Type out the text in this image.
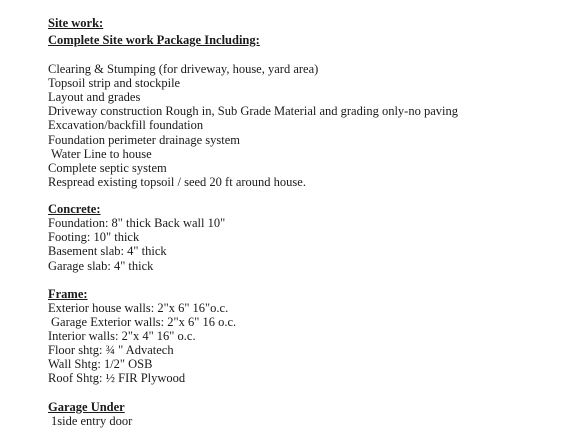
Site work:
Complete Site work Package Including:
Clearing & Stumping (for driveway, house, yard area)
Topsoil strip and stockpile
Layout and grades
Driveway construction Rough in, Sub Grade Material and grading only-no paving
Excavation/backfill foundation
Foundation perimeter drainage system
Water Line to house
Complete septic system
Respread existing topsoil / seed 20 ft around house.
Concrete:
Foundation: 8" thick Back wall 10"
Footing: 10" thick
Basement slab: 4" thick
Garage slab: 4" thick
Frame:
Exterior house walls: 2"x 6" 16"o.c.
Garage Exterior walls: 2"x 6" 16 o.c.
Interior walls: 2"x 4" 16" o.c.
Floor shtg: ¾ " Advatech
Wall Shtg: 1/2" OSB
Roof Shtg: ½ FIR Plywood
Garage Under
1side entry door
